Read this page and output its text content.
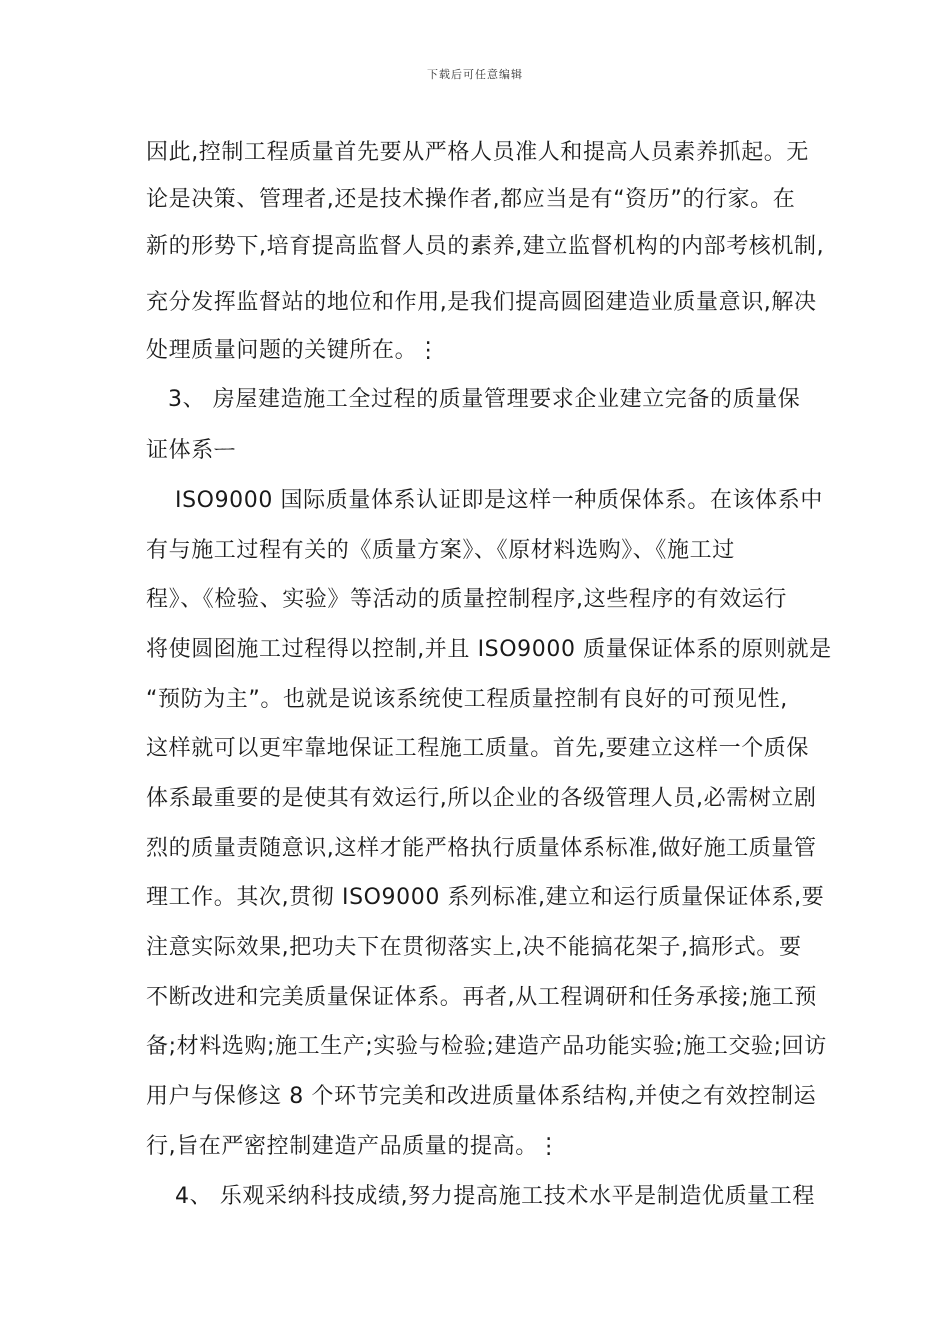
下载后可任意编辑
因此,控制工程质量首先要从严格人员准人和提高人员素养抓起。无
论是决策、管理者,还是技术操作者,都应当是有“资历”的行家。在
新的形势下,培育提高监督人员的素养,建立监督机构的内部考核机制,
充分发挥监督站的地位和作用,是我们提高圆囵建造业质量意识,解决
处理质量问题的关键所在。⋮
3、 房屋建造施工全过程的质量管理要求企业建立完备的质量保
证体系ᅳ
ISO9000 国际质量体系认证即是这样一种质保体系。在该体系中
有与施工过程有关的《质量方案》、《原材料选购》、《施工过
程》、《检验、实验》等活动的质量控制程序,这些程序的有效运行
将使圆囵施工过程得以控制,并且 ISO9000 质量保证体系的原则就是
“预防为主”。也就是说该系统使工程质量控制有良好的可预见性,
这样就可以更牢靠地保证工程施工质量。首先,要建立这样一个质保
体系最重要的是使其有效运行,所以企业的各级管理人员,必需树立剧
烈的质量责随意识,这样才能严格执行质量体系标准,做好施工质量管
理工作。其次,贯彻 ISO9000 系列标准,建立和运行质量保证体系,要
注意实际效果,把功夫下在贯彻落实上,决不能搞花架子,搞形式。要
不断改进和完美质量保证体系。再者,从工程调研和任务承接;施工预
备;材料选购;施工生产;实验与检验;建造产品功能实验;施工交验;回访
用户与保修这 8 个环节完美和改进质量体系结构,并使之有效控制运
行,旨在严密控制建造产品质量的提高。⋮
4、 乐观采纳科技成绩,努力提高施工技术水平是制造优质量工程
